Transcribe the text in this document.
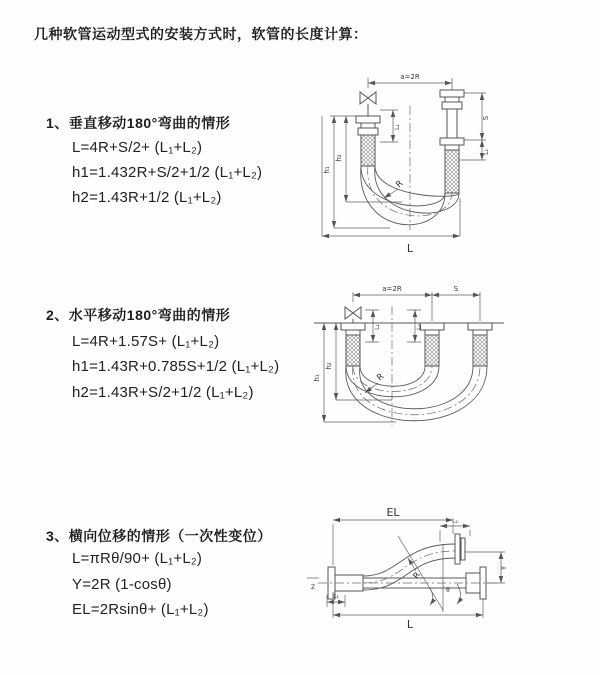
几种软管运动型式的安装方式时，软管的长度计算：
1、垂直移动180°弯曲的情形
L=4R+S/2+ (L₁+L₂)
h1=1.432R+S/2+1/2 (L₁+L₂)
h2=1.43R+1/2 (L₁+L₂)
2、水平移动180°弯曲的情形
L=4R+1.57S+ (L₁+L₂)
h1=1.43R+0.785S+1/2 (L₁+L₂)
h2=1.43R+S/2+1/2 (L₁+L₂)
3、横向位移的情形（一次性变位）
L=πRθ/90+ (L₁+L₂)
Y=2R (1-cosθ)
EL=2Rsinθ+ (L₁+L₂)
a=2R
L₁
S
L₂
h₁
h₂
R
L
a=2R	S
L₁	L₂
h₁
h₂
R
EL
L₂
Y
R
θ
L₁
L
Z
